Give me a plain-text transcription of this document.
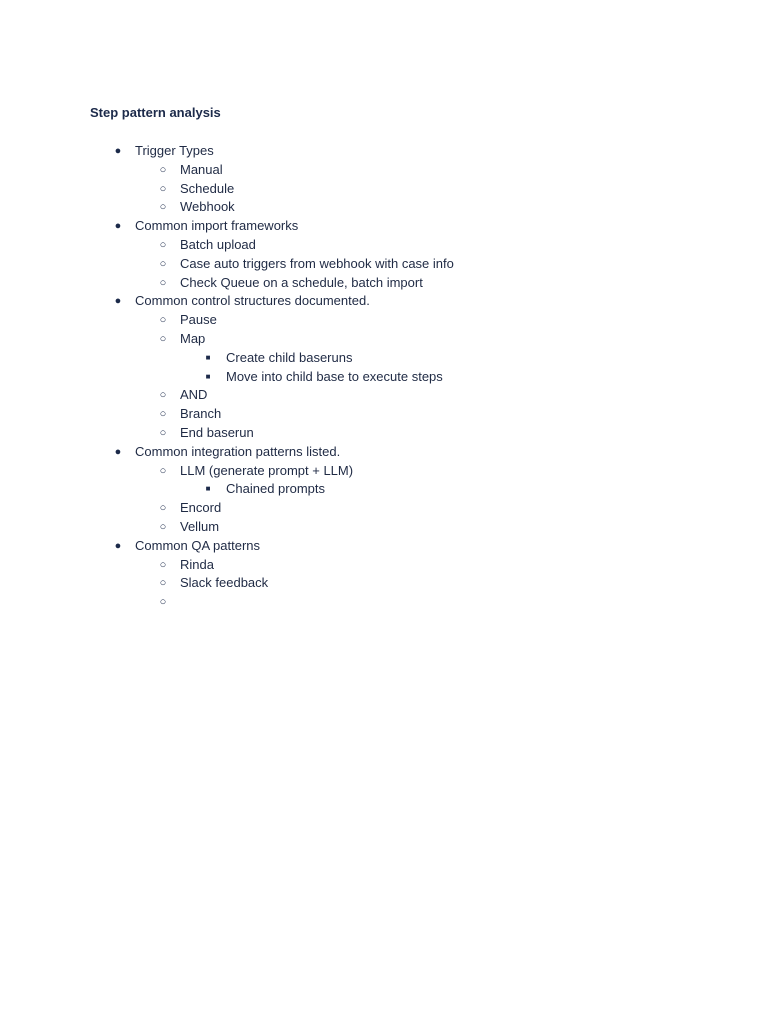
Step pattern analysis
● Trigger Types
○ Manual
○ Schedule
○ Webhook
● Common import frameworks
○ Batch upload
○ Case auto triggers from webhook with case info
○ Check Queue on a schedule, batch import
● Common control structures documented.
○ Pause
○ Map
■ Create child baseruns
■ Move into child base to execute steps
○ AND
○ Branch
○ End baserun
● Common integration patterns listed.
○ LLM (generate prompt + LLM)
■ Chained prompts
○ Encord
○ Vellum
● Common QA patterns
○ Rinda
○ Slack feedback
○
